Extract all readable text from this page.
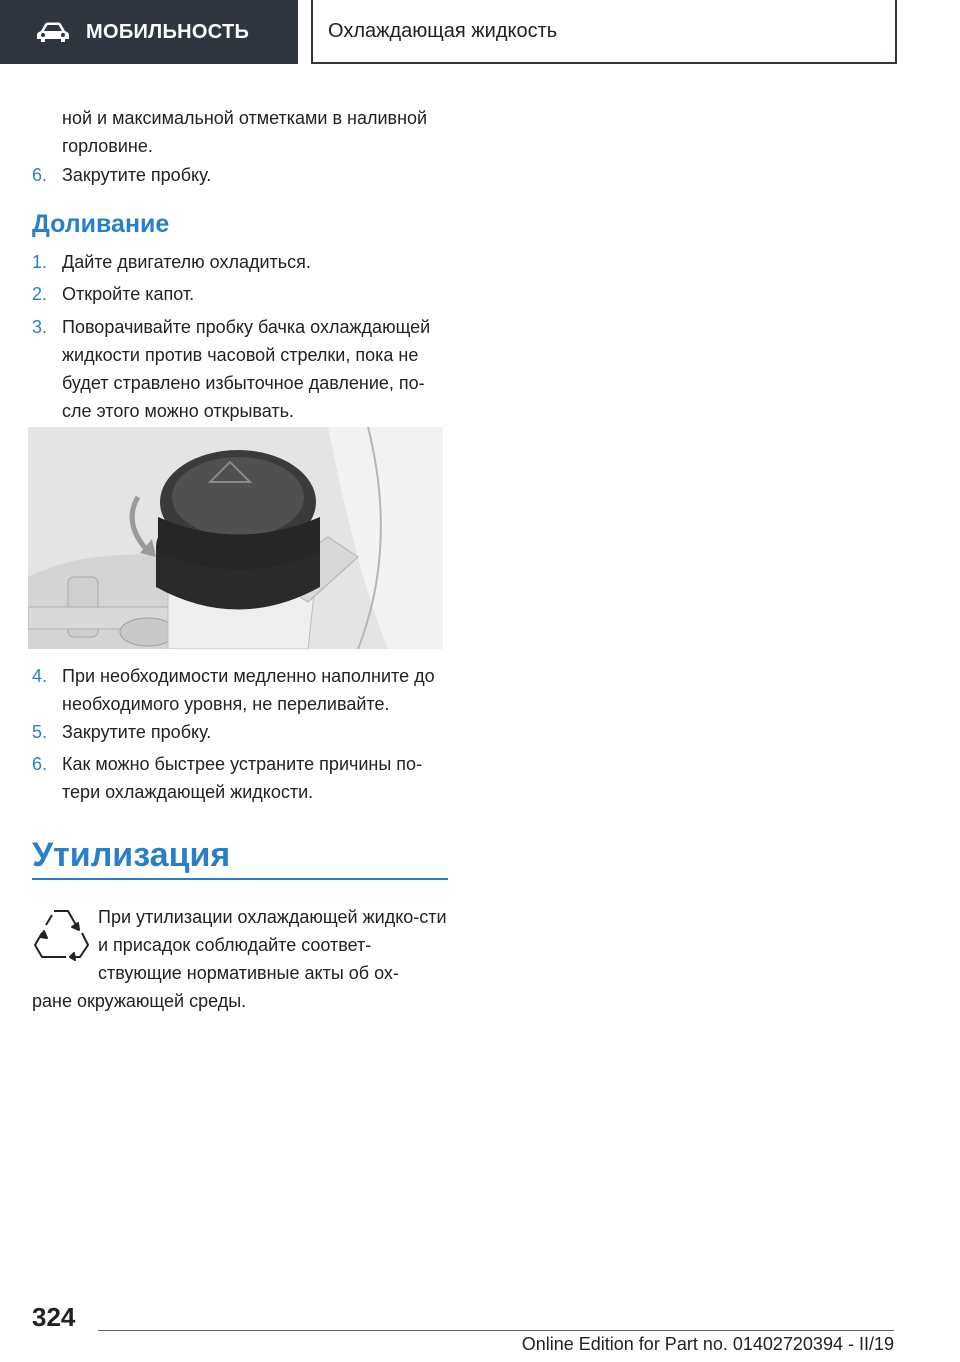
МОБИЛЬНОСТЬ	Охлаждающая жидкость
ной и максимальной отметками в наливной горловине.
6. Закрутите пробку.
Доливание
1. Дайте двигателю охладиться.
2. Откройте капот.
3. Поворачивайте пробку бачка охлаждающей жидкости против часовой стрелки, пока не будет стравлено избыточное давление, по-сле этого можно открывать.
4. При необходимости медленно наполните до необходимого уровня, не переливайте.
5. Закрутите пробку.
6. Как можно быстрее устраните причины по-тери охлаждающей жидкости.
Утилизация
При утилизации охлаждающей жидко-сти и присадок соблюдайте соответ-ствующие нормативные акты об ох-
ране окружающей среды.
324
Online Edition for Part no. 01402720394 - II/19
